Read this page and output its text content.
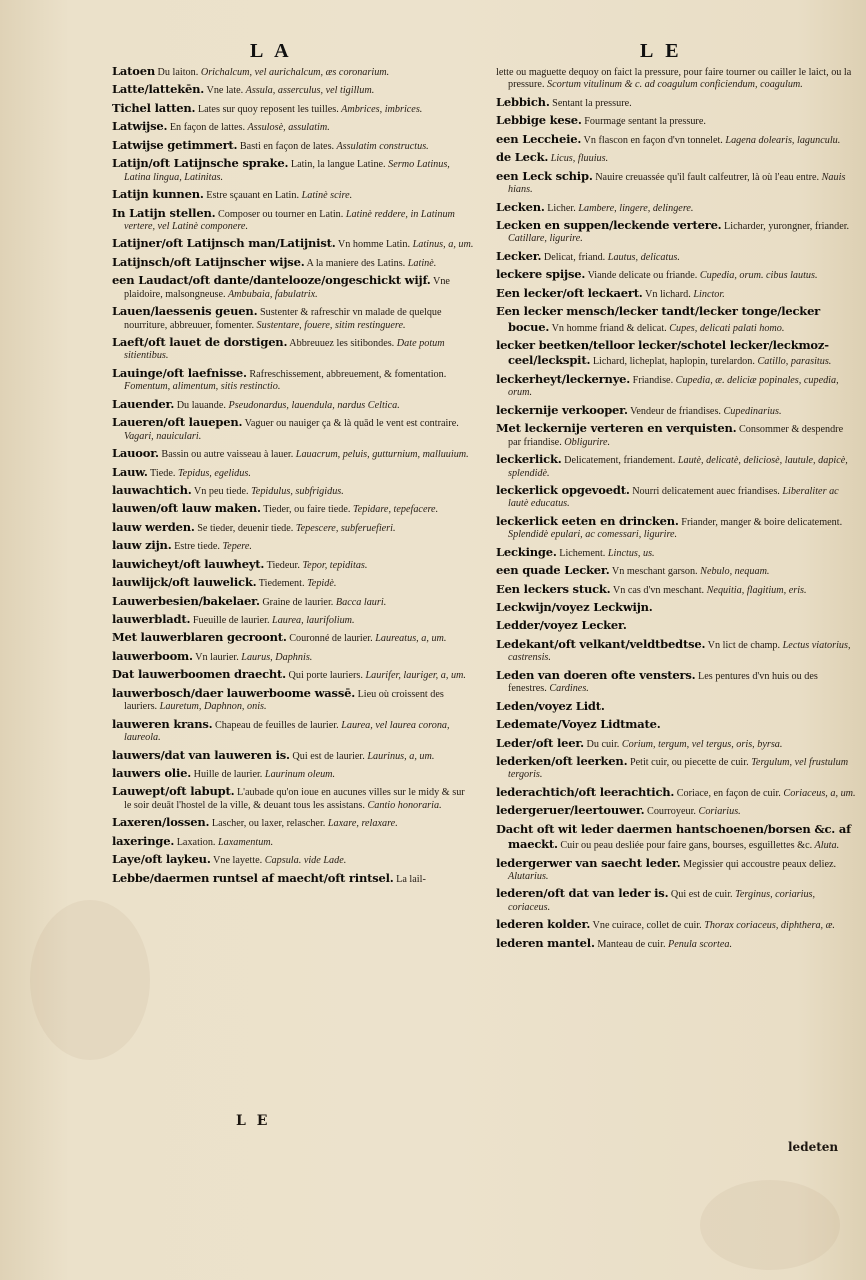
L A	L E
Latoen Du laiton. Orichalcum, vel aurichalcum, æs coronarium.
Latte/lattekēn. Vne late. Assula, asserculus, vel tigillum.
Tichel latten. Lates sur quoy reposent les tuilles. Ambrices, imbrices.
Latwijse. En façon de lattes. Assulosè, assulatim.
Latwijse getimmert. Basti en façon de lates. Assulatim constructus.
Latijn/oft Latijnsche sprake. Latin, la langue Latine. Sermo Latinus, Latina lingua, Latinitas.
Latijn kunnen. Estre sçauant en Latin. Latinè scire.
In Latijn stellen. Composer ou tourner en Latin. Latinè reddere, in Latinum vertere, vel Latinè componere.
Latijner/oft Latijnsch man/Latijnist. Vn homme Latin. Latinus, a, um.
Latijnsch/oft Latijnscher wijse. A la maniere des Latins. Latinè.
een Laudact/oft dante/dantelooze/ongeschickt wijf. Vne plaidoire, malsongneuse. Ambubaia, fabulatrix.
Lauen/laessenis geuen. Sustenter & rafreschir vn malade de quelque nourriture, abbreuuer, fomenter. Sustentare, fouere, sitim restinguere.
Laeft/oft lauet de dorstigen. Abbreuuez les sitibondes. Date potum sitientibus.
Lauinge/oft laefnisse. Rafreschissement, abbreuement, & fomentation. Fomentum, alimentum, sitis restinctio.
Lauender. Du lauande. Pseudonardus, lauendula, nardus Celtica.
Laueren/oft lauepen. Vaguer ou nauiger ça & là quād le vent est contraire. Vagari, nauiculari.
Lauoor. Bassin ou autre vaisseau à lauer. Lauacrum, peluis, gutturnium, malluuium.
Lauw. Tiede. Tepidus, egelidus.
lauwachtich. Vn peu tiede. Tepidulus, subfrigidus.
lauwen/oft lauw maken. Tieder, ou faire tiede. Tepidare, tepefacere.
lauw werden. Se tieder, deuenir tiede. Tepescere, subferuefieri.
lauw zijn. Estre tiede. Tepere.
lauwicheyt/oft lauwheyt. Tiedeur. Tepor, tepiditas.
lauwlijck/oft lauwelick. Tiedement. Tepidè.
Lauwerbesien/bakelaer. Graine de laurier. Bacca lauri.
lauwerbladt. Fueuille de laurier. Laurea, laurifolium.
Met lauwerblaren gecroont. Couronné de laurier. Laureatus, a, um.
lauwerboom. Vn laurier. Laurus, Daphnis.
Dat lauwerboomen draecht. Qui porte lauriers. Laurifer, lauriger, a, um.
lauwerbosch/daer lauwerboome wassē. Lieu où croissent des lauriers. Lauretum, Daphnon, onis.
lauweren krans. Chapeau de feuilles de laurier. Laurea, vel laurea corona, laureola.
lauwers/dat van lauweren is. Qui est de laurier. Laurinus, a, um.
lauwers olie. Huille de laurier. Laurinum oleum.
Lauwept/oft labupt. L'aubade qu'on ioue en aucunes villes sur le midy & sur le soir deuāt l'hostel de la ville, & deuant tous les assistans. Cantio honoraria.
Laxeren/lossen. Lascher, ou laxer, relascher. Laxare, relaxare.
laxeringe. Laxation. Laxamentum.
Laye/oft laykeu. Vne layette. Capsula. vide Lade.
Lebbe/daermen runtsel af maecht/oft rintsel. La lail-
lette ou maguette dequoy on faict la pressure, pour faire tourner ou cailler le laict, ou la pressure. Scortum vitulinum & c. ad coagulum conficiendum, coagulum.
Lebbich. Sentant la pressure.
Lebbige kese. Fourmage sentant la pressure.
een Leccheie. Vn flascon en façon d'vn tonnelet. Lagena dolearis, lagunculu.
de Leck. Licus, fluuius.
een Leck schip. Nauire creuassée qu'il fault calfeutrer, là où l'eau entre. Nauis hians.
Lecken. Licher. Lambere, lingere, delingere.
Lecken en suppen/leckende vertere. Licharder, yurongner, friander. Catillare, ligurire.
Lecker. Delicat, friand. Lautus, delicatus.
leckere spijse. Viande delicate ou friande. Cupedia, orum. cibus lautus.
Een lecker/oft leckaert. Vn lichard. Linctor.
Een lecker mensch/lecker tandt/lecker tonge/lecker bocue. Vn homme friand & delicat. Cupes, delicati palati homo.
lecker beetken/telloor lecker/schotel lecker/leckmoz-ceel/leckspit. Lichard, licheplat, haplopin, turelardon. Catillo, parasitus.
leckerheyt/leckernye. Friandise. Cupedia, æ. deliciæ popinales, cupedia, orum.
leckernije verkooper. Vendeur de friandises. Cupedinarius.
Met leckernije verteren en verquisten. Consommer & despendre par friandise. Obligurire.
leckerlick. Delicatement, friandement. Lautè, delicatè, deliciosè, lautule, dapicè, splendidè.
leckerlick opgevoedt. Nourri delicatement auec friandises. Liberaliter ac lautè educatus.
leckerlick eeten en drincken. Friander, manger & boire delicatement. Splendidè epulari, ac comessari, ligurire.
Leckinge. Lichement. Linctus, us.
een quade Lecker. Vn meschant garson. Nebulo, nequam.
Een leckers stuck. Vn cas d'vn meschant. Nequitia, flagitium, eris.
Leckwijn/voyez Leckwijn.
Ledder/voyez Lecker.
Ledekant/oft velkant/veldtbedtse. Vn lict de champ. Lectus viatorius, castrensis.
Leden van doeren ofte vensters. Les pentures d'vn huis ou des fenestres. Cardines.
Leden/voyez Lidt.
Ledemate/Voyez Lidtmate.
Leder/oft leer. Du cuir. Corium, tergum, vel tergus, oris, byrsa.
lederken/oft leerken. Petit cuir, ou piecette de cuir. Tergulum, vel frustulum tergoris.
lederachtich/oft leerachtich. Coriace, en façon de cuir. Coriaceus, a, um.
ledergeruer/leertouwer. Courroyeur. Coriarius.
Dacht oft wit leder daermen hantschoenen/borsen &c. af maeckt. Cuir ou peau desliée pour faire gans, bourses, esguillettes &c. Aluta.
ledergerwer van saecht leder. Megissier qui accoustre peaux deliez. Alutarius.
lederen/oft dat van leder is. Qui est de cuir. Terginus, coriarius, coriaceus.
lederen kolder. Vne cuirace, collet de cuir. Thorax coriaceus, diphthera, æ.
lederen mantel. Manteau de cuir. Penula scortea.
L E
ledeten
